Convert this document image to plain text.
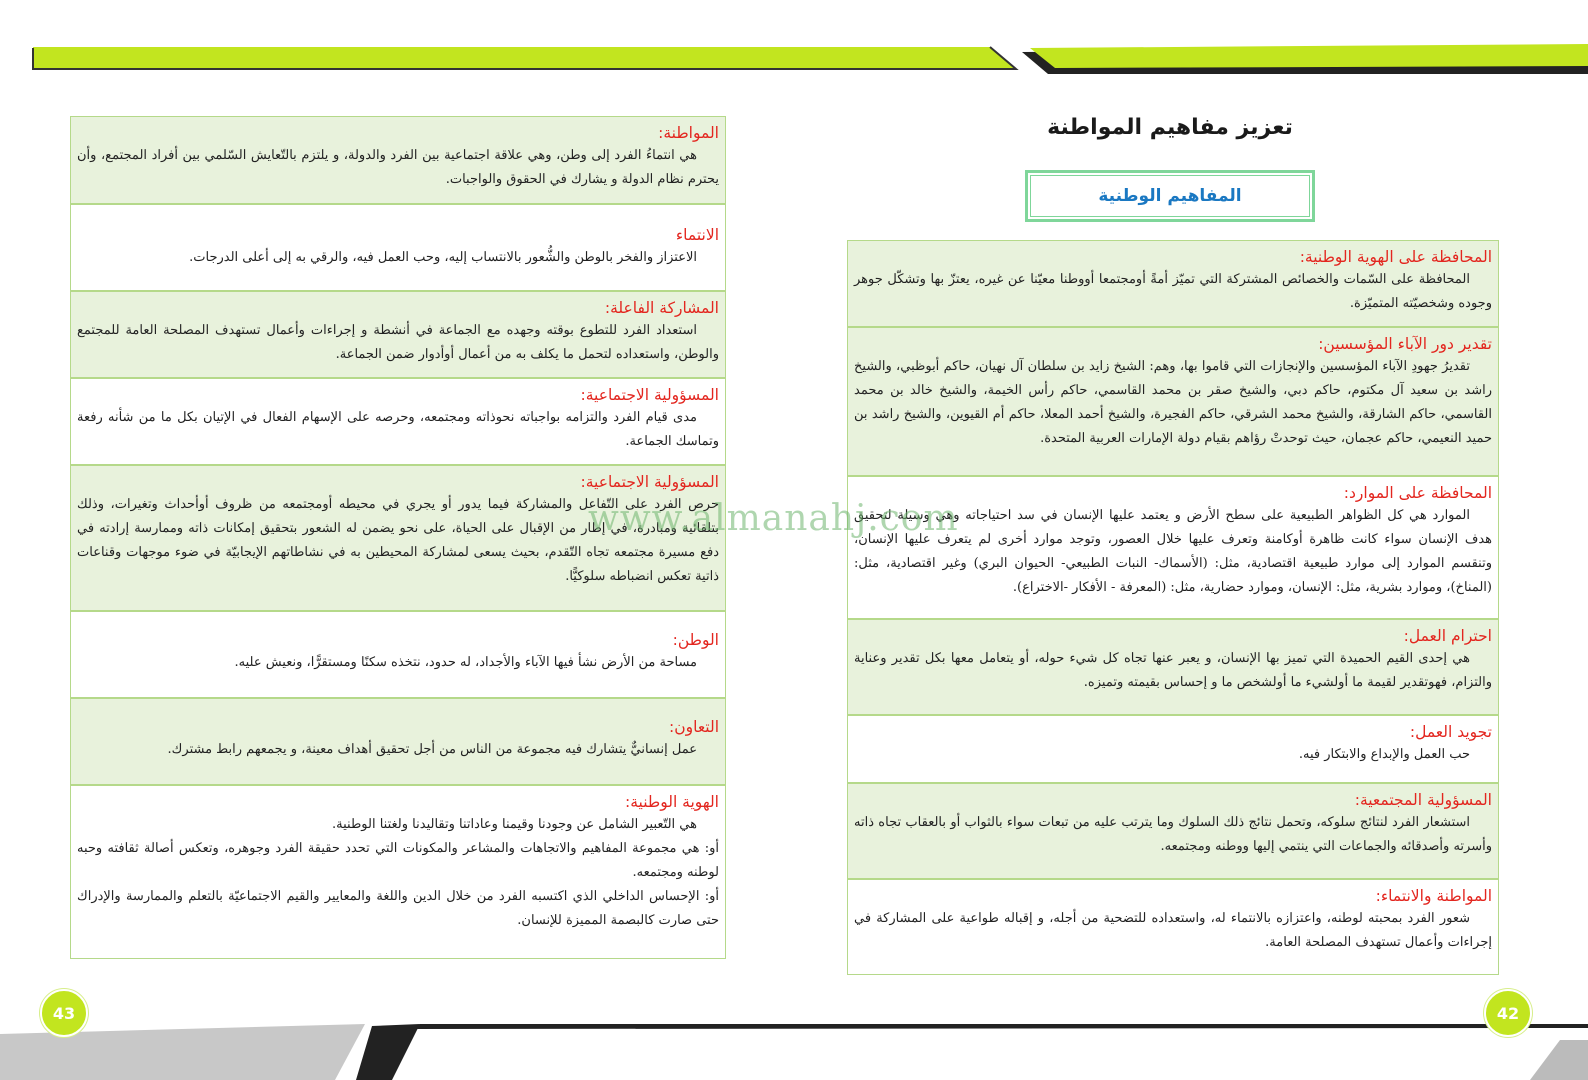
43	42
تعزيز مفاهيم المواطنة
المفاهيم الوطنية
المحافظة على الهوية الوطنية:

المحافظة على السّمات والخصائص المشتركة التي تميّز أمةً أومجتمعا أووطنا معيّنا عن غيره، يعتزّ بها وتشكّل جوهر وجوده وشخصيّته المتميّزة.

تقدير دور الآباء المؤسسين:

تقديرُ جهودِ الآباء المؤسسين والإنجازات التي قاموا بها، وهم: الشيخ زايد بن سلطان آل نهيان، حاكم أبوظبي، والشيخ راشد بن سعيد آل مكتوم، حاكم دبي، والشيخ صقر بن محمد القاسمي، حاكم رأس الخيمة، والشيخ خالد بن محمد القاسمي، حاكم الشارقة، والشيخ محمد الشرقي، حاكم الفجيرة، والشيخ أحمد المعلا، حاكم أم القيوين، والشيخ راشد بن حميد النعيمي، حاكم عجمان، حيث توحدتْ رؤاهم بقيام دولة الإمارات العربية المتحدة.

المحافظة على الموارد:

الموارد هي كل الظواهر الطبيعية على سطح الأرض و يعتمد عليها الإنسان في سد احتياجاته وهي وسيلة لتحقيق هدف الإنسان سواء كانت ظاهرة أوكامنة وتعرف عليها خلال العصور، وتوجد موارد أخرى لم يتعرف عليها الإنسان، وتنقسم الموارد إلى موارد طبيعية اقتصادية، مثل: (الأسماك- النبات الطبيعي- الحيوان البري) وغير اقتصادية، مثل: (المناخ)، وموارد بشرية، مثل: الإنسان، وموارد حضارية، مثل: (المعرفة - الأفكار -الاختراع).

احترام العمل:

هي إحدى القيم الحميدة التي تميز بها الإنسان، و يعبر عنها تجاه كل شيء حوله، أو يتعامل معها بكل تقدير وعناية والتزام، فهوتقدير لقيمة ما أولشيء ما أولشخص ما و إحساس بقيمته وتميزه.

تجويد العمل:

حب العمل والإبداع والابتكار فيه.

المسؤولية المجتمعية:

استشعار الفرد لنتائج سلوكه، وتحمل نتائج ذلك السلوك وما يترتب عليه من تبعات سواء بالثواب أو بالعقاب تجاه ذاته وأسرته وأصدقائه والجماعات التي ينتمي إليها ووطنه ومجتمعه.

المواطنة والانتماء:

شعور الفرد بمحبته لوطنه، واعتزازه بالانتماء له، واستعداده للتضحية من أجله، و إقباله طواعية على المشاركة في إجراءات وأعمال تستهدف المصلحة العامة.

المواطنة:

هي انتماءُ الفرد إلى وطن، وهي علاقة اجتماعية بين الفرد والدولة، و يلتزم بالتّعايش السّلمي بين أفراد المجتمع، وأن يحترم نظام الدولة و يشارك في الحقوق والواجبات.

الانتماء

الاعتزاز والفخر بالوطن والشُّعور بالانتساب إليه، وحب العمل فيه، والرقي به إلى أعلى الدرجات.

المشاركة الفاعلة:

استعداد الفرد للتطوع بوقته وجهده مع الجماعة في أنشطة و إجراءات وأعمال تستهدف المصلحة العامة للمجتمع والوطن، واستعداده لتحمل ما يكلف به من أعمال أوأدوار ضمن الجماعة.

المسؤولية الاجتماعية:

مدى قيام الفرد والتزامه بواجباته نحوذاته ومجتمعه، وحرصه على الإسهام الفعال في الإتيان بكل ما من شأنه رفعة وتماسك الجماعة.

المسؤولية الاجتماعية:

حرص الفرد على التّفاعل والمشاركة فيما يدور أو يجري في محيطه أومجتمعه من ظروف أوأحداث وتغيرات، وذلك بتلقائية ومبادرة، في إطار من الإقبال على الحياة، على نحو يضمن له الشعور بتحقيق إمكانات ذاته وممارسة إرادته في دفع مسيرة مجتمعه تجاه التّقدم، بحيث يسعى لمشاركة المحيطين به في نشاطاتهم الإيجابيّة في ضوء موجهات وقناعات ذاتية تعكس انضباطه سلوكيًّا.

الوطن:

مساحة من الأرض نشأ فيها الآباء والأجداد، له حدود، نتخذه سكنًا ومستقرًّا، ونعيش عليه.

التعاون:

عمل إنسانيٌّ يتشارك فيه مجموعة من الناس من أجل تحقيق أهداف معينة، و يجمعهم رابط مشترك.

الهوية الوطنية:

هي التّعبير الشامل عن وجودنا وقيمنا وعاداتنا وتقاليدنا ولغتنا الوطنية.

أو: هي مجموعة المفاهيم والاتجاهات والمشاعر والمكونات التي تحدد حقيقة الفرد وجوهره، وتعكس أصالة ثقافته وحبه لوطنه ومجتمعه.

أو: الإحساس الداخلي الذي اكتسبه الفرد من خلال الدين واللغة والمعايير والقيم الاجتماعيّة بالتعلم والممارسة والإدراك حتى صارت كالبصمة المميزة للإنسان.

www.almanahj.com
